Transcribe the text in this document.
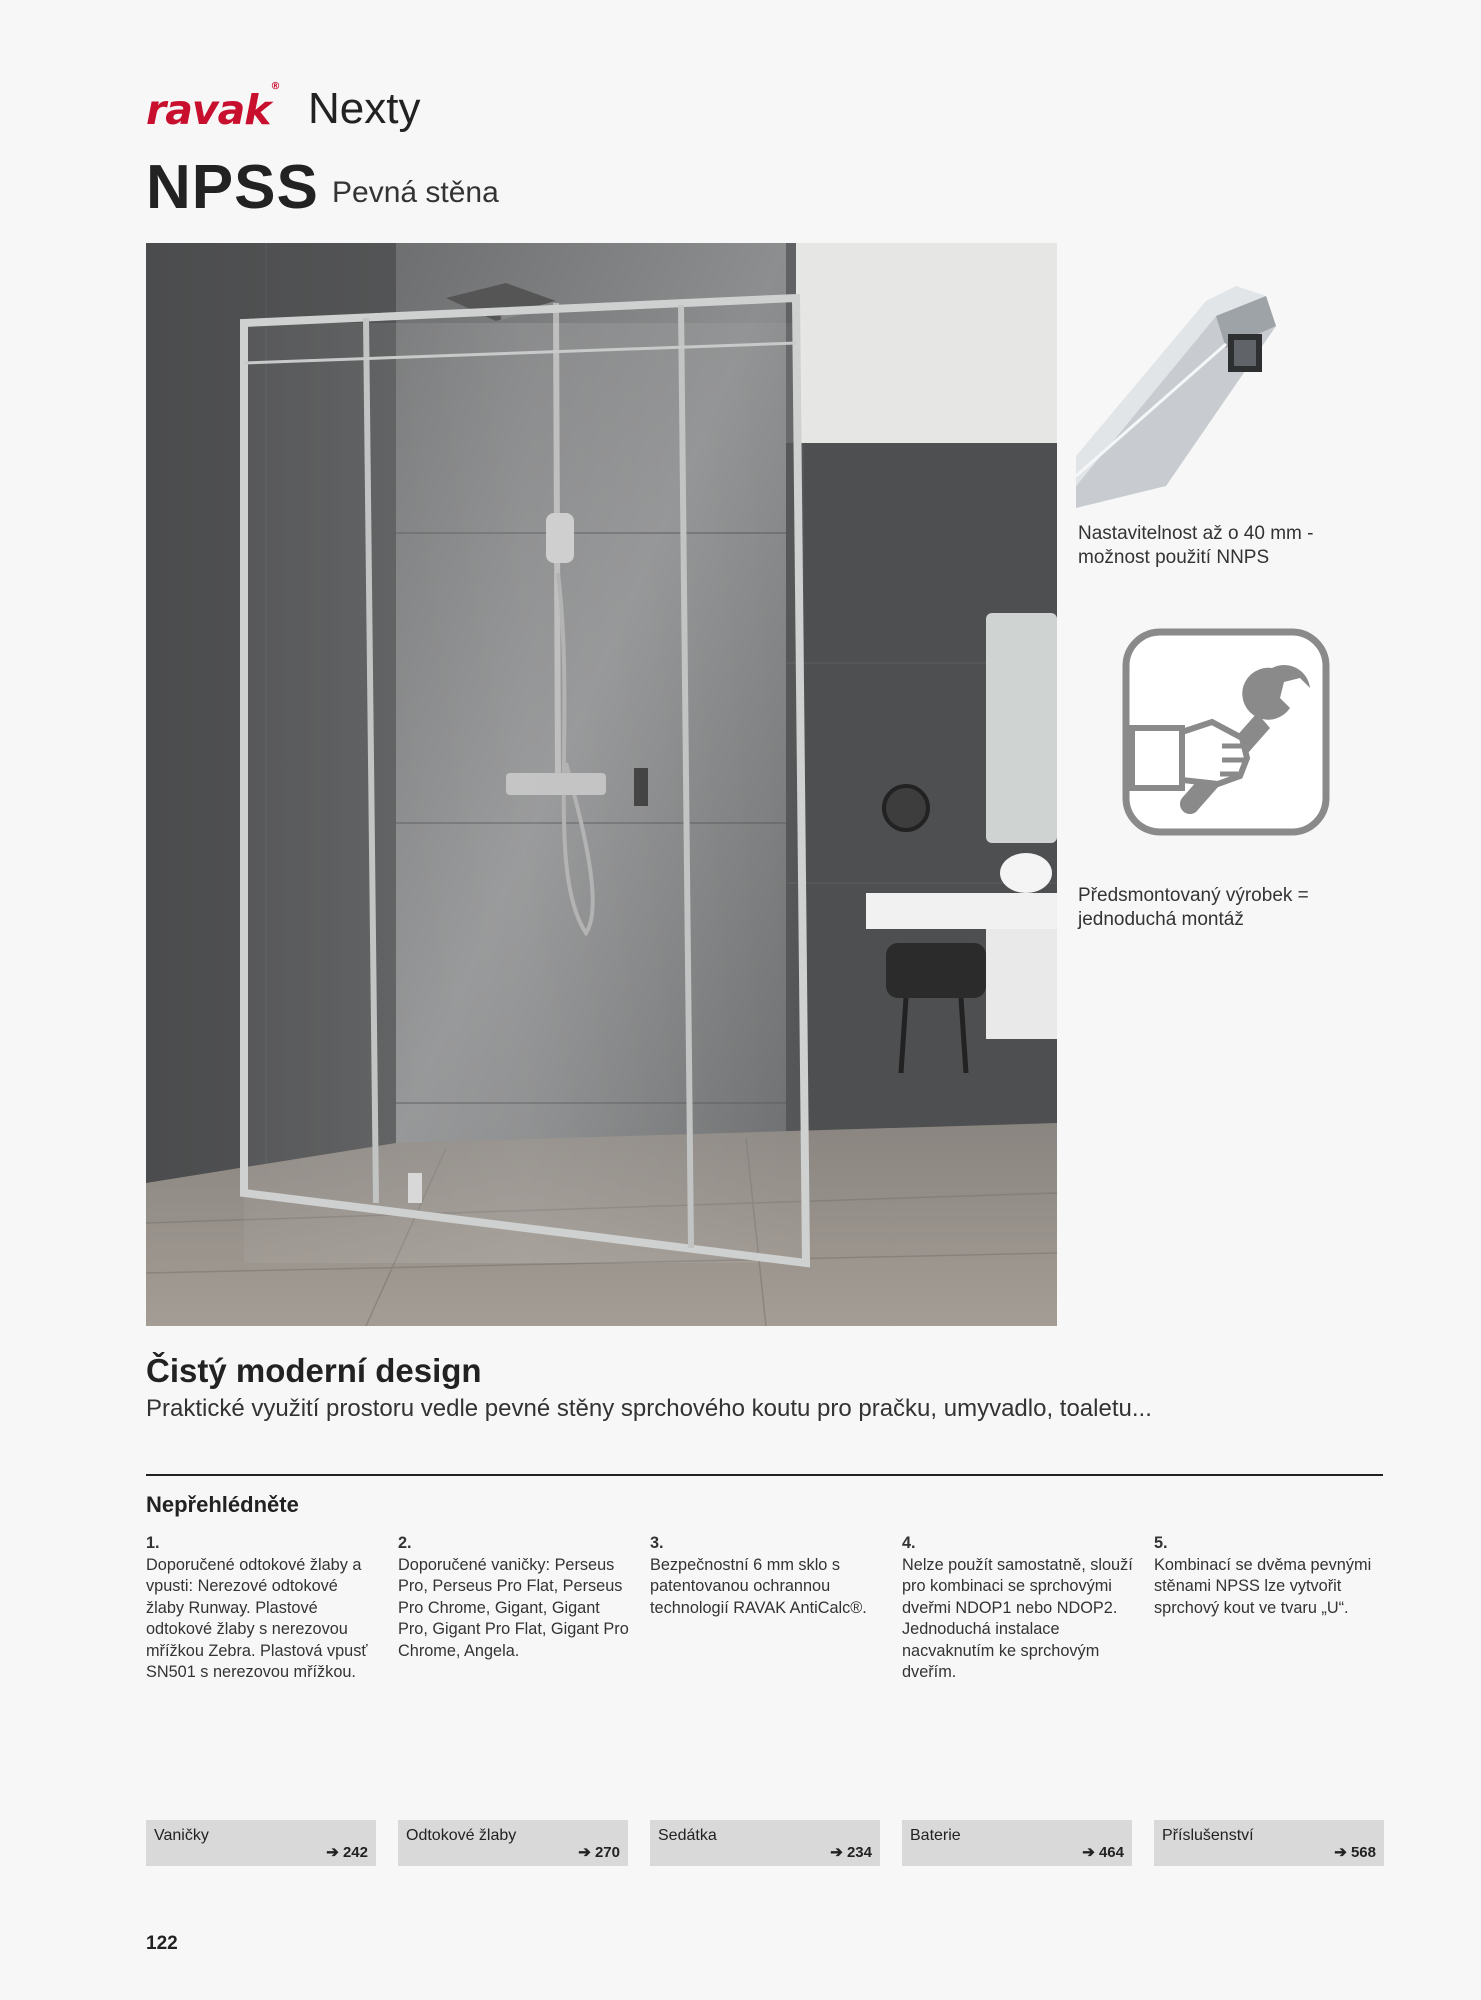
ravak® Nexty
NPSS Pevná stěna
Nastavitelnost až o 40 mm - možnost použití NNPS
Předsmontovaný výrobek = jednoduchá montáž
Čistý moderní design
Praktické využití prostoru vedle pevné stěny sprchového koutu pro pračku, umyvadlo, toaletu...
Nepřehlédněte
1.
Doporučené odtokové žlaby a vpusti: Nerezové odtokové žlaby Runway. Plastové odtokové žlaby s nerezovou mřížkou Zebra. Plastová vpusť SN501 s nerezovou mřížkou.
2.
Doporučené vaničky: Perseus Pro, Perseus Pro Flat, Perseus Pro Chrome, Gigant, Gigant Pro, Gigant Pro Flat, Gigant Pro Chrome, Angela.
3.
Bezpečnostní 6 mm sklo s patentovanou ochrannou technologií RAVAK AntiCalc®.
4.
Nelze použít samostatně, slouží pro kombinaci se sprchovými dveřmi NDOP1 nebo NDOP2. Jednoduchá instalace nacvaknutím ke sprchovým dveřím.
5.
Kombinací se dvěma pevnými stěnami NPSS lze vytvořit sprchový kout ve tvaru „U“.
Vaničky
➔ 242
Odtokové žlaby
➔ 270
Sedátka
➔ 234
Baterie
➔ 464
Příslušenství
➔ 568
122
